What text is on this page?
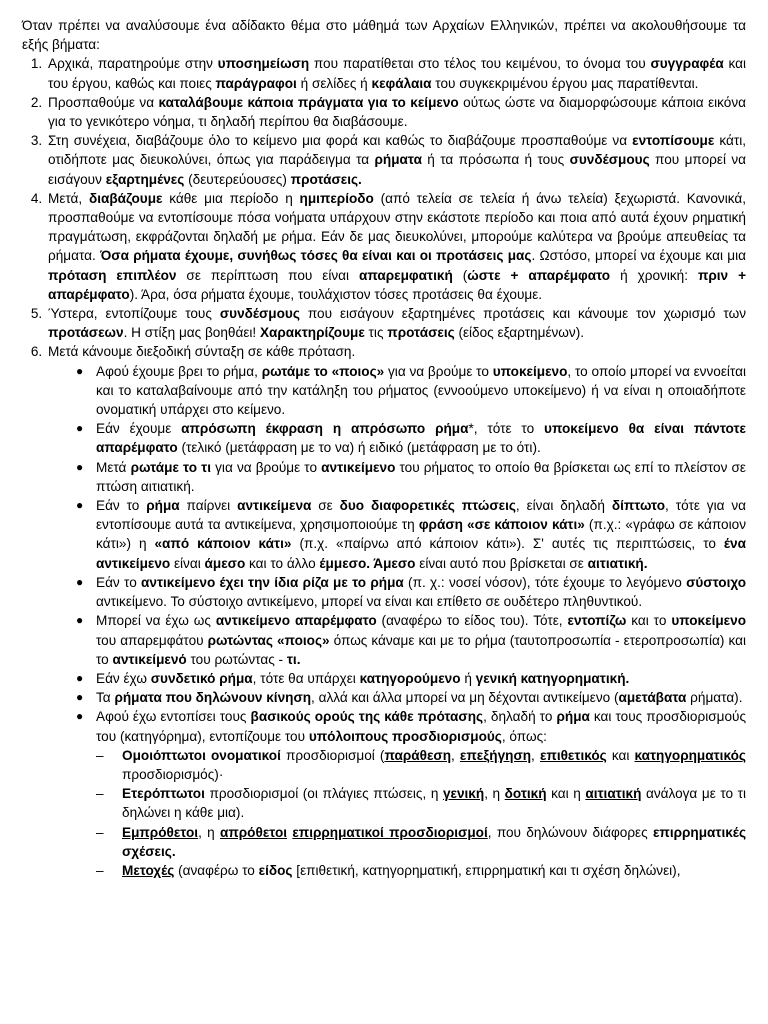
Όταν πρέπει να αναλύσουμε ένα αδίδακτο θέμα στο μάθημά των Αρχαίων Ελληνικών, πρέπει να ακολουθήσουμε τα εξής βήματα:

1. Αρχικά, παρατηρούμε στην υποσημείωση που παρατίθεται στο τέλος του κειμένου, το όνομα του συγγραφέα και του έργου, καθώς και ποιες παράγραφοι ή σελίδες ή κεφάλαια του συγκεκριμένου έργου μας παρατίθενται.
2. Προσπαθούμε να καταλάβουμε κάποια πράγματα για το κείμενο ούτως ώστε να διαμορφώσουμε κάποια εικόνα για το γενικότερο νόημα, τι δηλαδή περίπου θα διαβάσουμε.
3. Στη συνέχεια, διαβάζουμε όλο το κείμενο μια φορά και καθώς το διαβάζουμε προσπαθούμε να εντοπίσουμε κάτι, οτιδήποτε μας διευκολύνει, όπως για παράδειγμα τα ρήματα ή τα πρόσωπα ή τους συνδέσμους που μπορεί να εισάγουν εξαρτημένες (δευτερεύουσες) προτάσεις.
4. Μετά, διαβάζουμε κάθε μια περίοδο η ημιπερίοδο (από τελεία σε τελεία ή άνω τελεία) ξεχωριστά. Κανονικά, προσπαθούμε να εντοπίσουμε πόσα νοήματα υπάρχουν στην εκάστοτε περίοδο και ποια από αυτά έχουν ρηματική πραγμάτωση, εκφράζονται δηλαδή με ρήμα. Εάν δε μας διευκολύνει, μπορούμε καλύτερα να βρούμε απευθείας τα ρήματα. Όσα ρήματα έχουμε, συνήθως τόσες θα είναι και οι προτάσεις μας. Ωστόσο, μπορεί να έχουμε και μια πρόταση επιπλέον σε περίπτωση που είναι απαρεμφατική (ώστε + απαρέμφατο ή χρονική: πριν + απαρέμφατο). Άρα, όσα ρήματα έχουμε, τουλάχιστον τόσες προτάσεις θα έχουμε.
5. Ύστερα, εντοπίζουμε τους συνδέσμους που εισάγουν εξαρτημένες προτάσεις και κάνουμε τον χωρισμό των προτάσεων. Η στίξη μας βοηθάει! Χαρακτηρίζουμε τις προτάσεις (είδος εξαρτημένων).
6. Μετά κάνουμε διεξοδική σύνταξη σε κάθε πρόταση.
● Αφού έχουμε βρει το ρήμα, ρωτάμε το «ποιος» για να βρούμε το υποκείμενο, το οποίο μπορεί να εννοείται και το καταλαβαίνουμε από την κατάληξη του ρήματος (εννοούμενο υποκείμενο) ή να είναι η οποιαδήποτε ονοματική υπάρχει στο κείμενο.
● Εάν έχουμε απρόσωπη έκφραση η απρόσωπο ρήμα*, τότε το υποκείμενο θα είναι πάντοτε απαρέμφατο (τελικό (μετάφραση με το να) ή ειδικό (μετάφραση με το ότι).
● Μετά ρωτάμε το τι για να βρούμε το αντικείμενο του ρήματος το οποίο θα βρίσκεται ως επί το πλείστον σε πτώση αιτιατική.
● Εάν το ρήμα παίρνει αντικείμενα σε δυο διαφορετικές πτώσεις, είναι δηλαδή δίπτωτο, τότε για να εντοπίσουμε αυτά τα αντικείμενα, χρησιμοποιούμε τη φράση «σε κάποιον κάτι» (π.χ.: «γράφω σε κάποιον κάτι») η «από κάποιον κάτι» (π.χ. «παίρνω από κάποιον κάτι»). Σ' αυτές τις περιπτώσεις, το ένα αντικείμενο είναι άμεσο και το άλλο έμμεσο. Άμεσο είναι αυτό που βρίσκεται σε αιτιατική.
● Εάν το αντικείμενο έχει την ίδια ρίζα με το ρήμα (π. χ.: νοσεί νόσον), τότε έχουμε το λεγόμενο σύστοιχο αντικείμενο. Το σύστοιχο αντικείμενο, μπορεί να είναι και επίθετο σε ουδέτερο πληθυντικού.
● Μπορεί να έχω ως αντικείμενο απαρέμφατο (αναφέρω το είδος του). Τότε, εντοπίζω και το υποκείμενο του απαρεμφάτου ρωτώντας «ποιος» όπως κάναμε και με το ρήμα (ταυτοπροσωπία - ετεροπροσωπία) και το αντικείμενό του ρωτώντας - τι.
● Εάν έχω συνδετικό ρήμα, τότε θα υπάρχει κατηγορούμενο ή γενική κατηγορηματική.
● Τα ρήματα που δηλώνουν κίνηση, αλλά και άλλα μπορεί να μη δέχονται αντικείμενο (αμετάβατα ρήματα).
● Αφού έχω εντοπίσει τους βασικούς ορούς της κάθε πρότασης, δηλαδή το ρήμα και τους προσδιορισμούς του (κατηγόρημα), εντοπίζουμε του υπόλοιπους προσδιορισμούς, όπως:
– Ομοιόπτωτοι ονοματικοί προσδιορισμοί (παράθεση, επεξήγηση, επιθετικός και κατηγορηματικός προσδιορισμός)·
– Ετερόπτωτοι προσδιορισμοί (οι πλάγιες πτώσεις, η γενική, η δοτική και η αιτιατική ανάλογα με το τι δηλώνει η κάθε μια).
– Εμπρόθετοι, η απρόθετοι επιρρηματικοί προσδιορισμοί, που δηλώνουν διάφορες επιρρηματικές σχέσεις.
– Μετοχές (αναφέρω το είδος [επιθετική, κατηγορηματική, επιρρηματική και τι σχέση δηλώνει),
